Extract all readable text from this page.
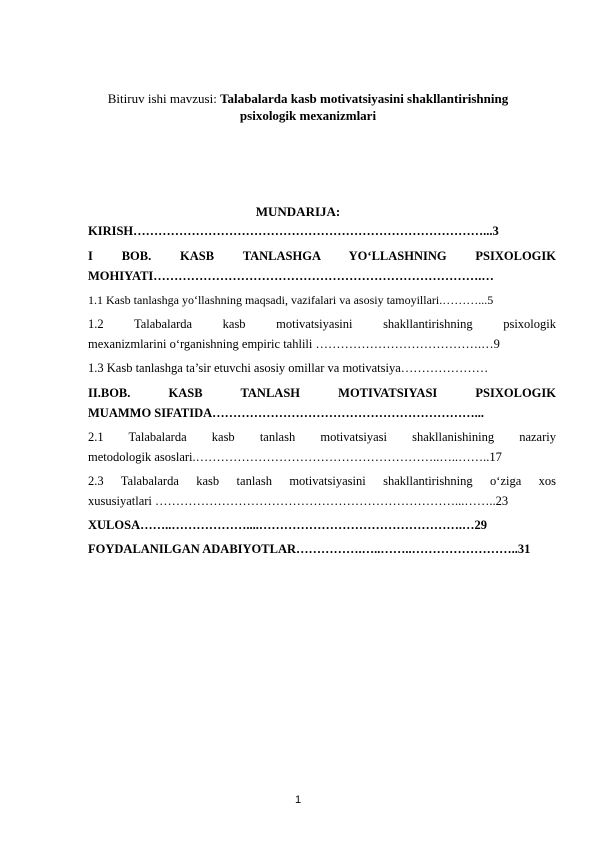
Bitiruv ishi mavzusi: Talabalarda kasb motivatsiyasini shakllantirishning
psixologik mexanizmlari
MUNDARIJA:
KIRISH…………………………………………………………………………...3
I BOB. KASB TANLASHGA YO‘LLASHNING PSIXOLOGIK
MOHIYATI…………………………………………………………………….…
1.1 Kasb tanlashga yo‘llashning maqsadi, vazifalari va asosiy tamoyillari.………...5
1.2 Talabalarda kasb motivatsiyasini shakllantirishning psixologik
mexanizmlarini o‘rganishning empiric tahlili ………………………………….…9
1.3 Kasb tanlashga ta’sir etuvchi asosiy omillar va motivatsiya…………………
II.BOB. KASB TANLASH MOTIVATSIYASI PSIXOLOGIK
MUAMMO SIFATIDA………………………………………………………...
2.1 Talabalarda kasb tanlash motivatsiyasi shakllanishining nazariy
metodologik asoslari.…………………………………………………..…..……..17
2.3 Talabalarda kasb tanlash motivatsiyasini shakllantirishning o‘ziga xos
xususiyatlari ………………………………………………………………...……..23
XULOSA……..………………....………………………………………….…29
FOYDALANILGAN ADABIYOTLAR…………….…..……..……………………..31
1
